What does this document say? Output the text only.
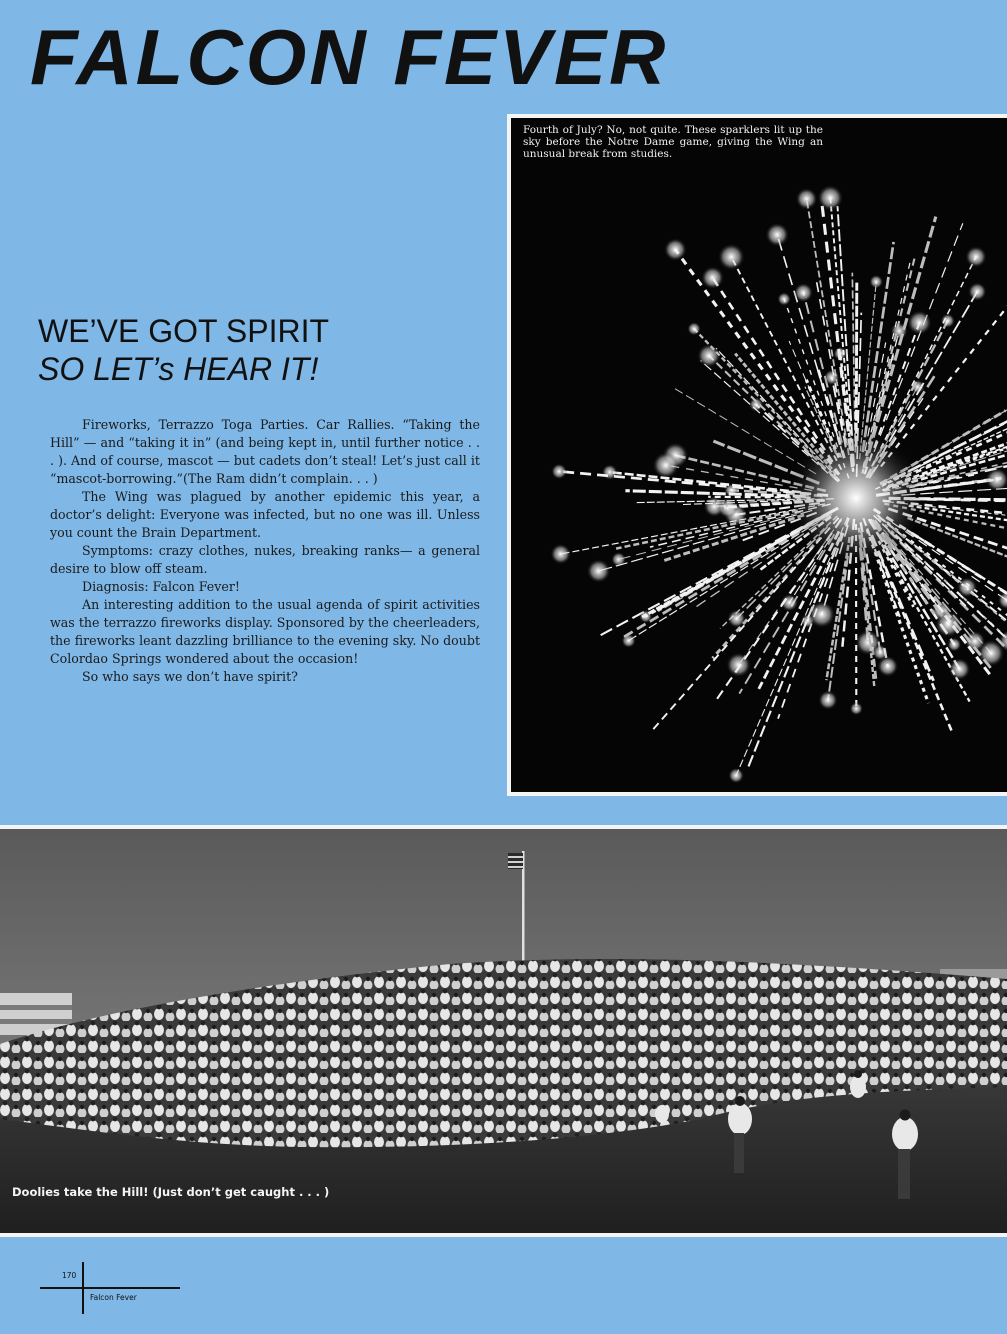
FALCON FEVER
Fourth of July? No, not quite. These sparklers lit up the sky before the Notre Dame game, giving the Wing an unusual break from studies.
WE’VE GOT SPIRIT
SO LET’s HEAR IT!

Fireworks, Terrazzo Toga Parties. Car Rallies. “Taking the Hill” — and “taking it in” (and being kept in, until further notice . . . ). And of course, mascot — but cadets don’t steal! Let’s just call it “mascot-borrowing.”(The Ram didn’t complain. . . )

The Wing was plagued by another epidemic this year, a doctor’s delight: Everyone was infected, but no one was ill. Unless you count the Brain Department.

Symptoms: crazy clothes, nukes, breaking ranks— a general desire to blow off steam.

Diagnosis: Falcon Fever!

An interesting addition to the usual agenda of spirit activities was the terrazzo fireworks display. Sponsored by the cheerleaders, the fireworks leant dazzling brilliance to the evening sky. No doubt Colordao Springs wondered about the occasion!

So who says we don’t have spirit?

Doolies take the Hill! (Just don’t get caught . . . )
170
Falcon Fever
